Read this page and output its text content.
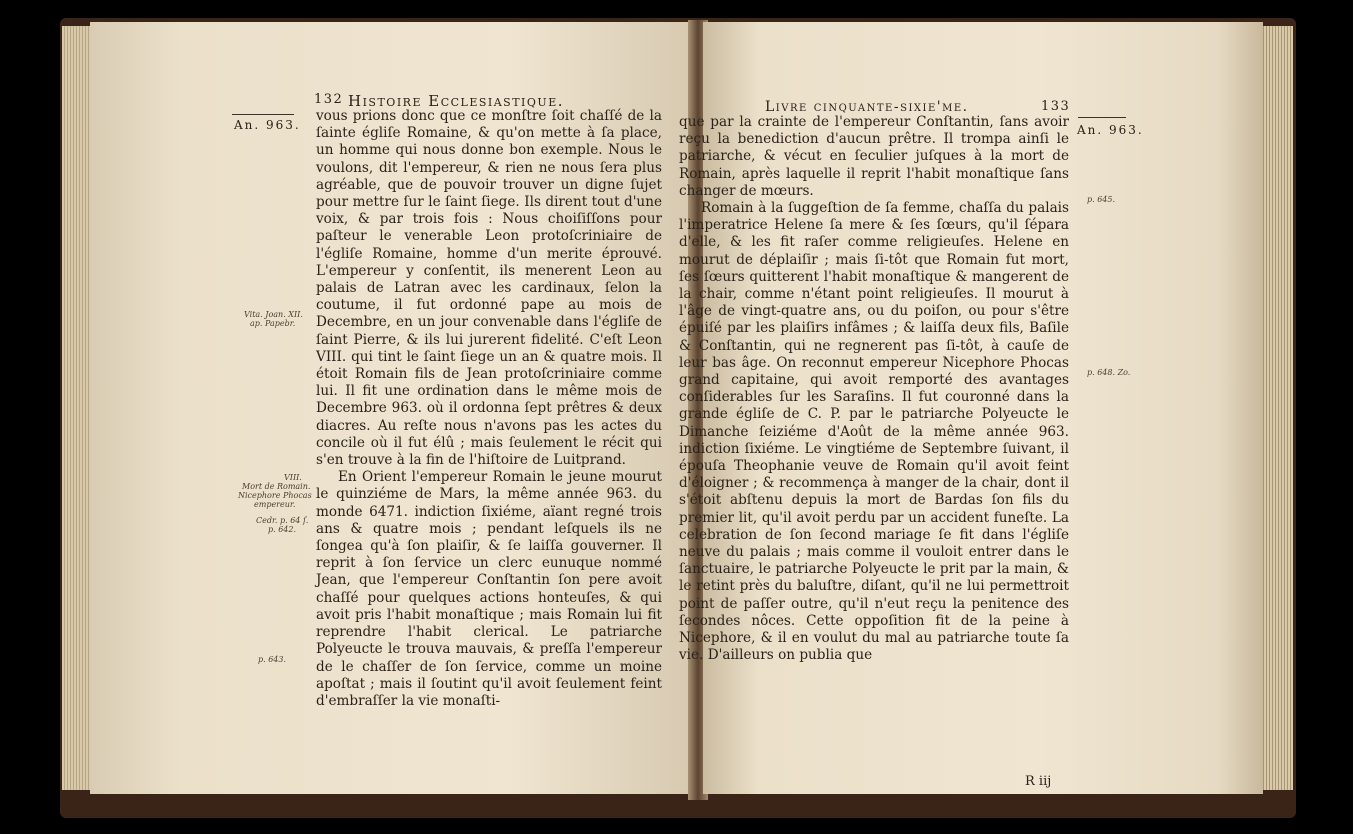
132 Histoire Ecclesiastique.
An. 963.
Vita. Joan. XII.
ap. Papebr.
VIII.
Mort de Romain.
Nicephore Phocas
empereur.
Cedr. p. 64 ſ.
p. 642.
p. 643.

vous prions donc que ce monſtre ſoit chaſſé de la ſainte égliſe Romaine, & qu'on mette à ſa place, un homme qui nous donne bon exemple. Nous le voulons, dit l'empereur, & rien ne nous ſera plus agréable, que de pouvoir trouver un digne ſujet pour mettre ſur le ſaint ſiege. Ils dirent tout d'une voix, & par trois fois : Nous choiſiſſons pour paſteur le venerable Leon protoſcriniaire de l'égliſe Romaine, homme d'un merite éprouvé. L'empereur y conſentit, ils menerent Leon au palais de Latran avec les cardinaux, ſelon la coutume, il fut ordonné pape au mois de Decembre, en un jour convenable dans l'égliſe de ſaint Pierre, & ils lui jurerent fidelité. C'eſt Leon VIII. qui tint le ſaint ſiege un an & quatre mois. Il étoit Romain fils de Jean protoſcriniaire comme lui. Il fit une ordination dans le même mois de Decembre 963. où il ordonna ſept prêtres & deux diacres. Au reſte nous n'avons pas les actes du concile où il fut élû ; mais ſeulement le récit qui s'en trouve à la fin de l'hiſtoire de Luitprand.

En Orient l'empereur Romain le jeune mourut le quinziéme de Mars, la même année 963. du monde 6471. indiction ſixiéme, aïant regné trois ans & quatre mois ; pendant leſquels ils ne ſongea qu'à ſon plaiſir, & ſe laiſſa gouverner. Il reprit à ſon ſervice un clerc eunuque nommé Jean, que l'empereur Conſtantin ſon pere avoit chaſſé pour quelques actions honteuſes, & qui avoit pris l'habit monaſtique ; mais Romain lui fit reprendre l'habit clerical. Le patriarche Polyeucte le trouva mauvais, & preſſa l'empereur de le chaſſer de ſon ſervice, comme un moine apoſtat ; mais il ſoutint qu'il avoit ſeulement feint d'embraſſer la vie monaſti-

Livre cinquante-sixie'me.	133
An. 963.
p. 645.
p. 648. Zo.

que par la crainte de l'empereur Conſtantin, ſans avoir reçu la benediction d'aucun prêtre. Il trompa ainſi le patriarche, & vécut en ſeculier juſques à la mort de Romain, après laquelle il reprit l'habit monaſtique ſans changer de mœurs.

Romain à la ſuggeſtion de ſa femme, chaſſa du palais l'imperatrice Helene ſa mere & ſes ſœurs, qu'il ſépara d'elle, & les fit raſer comme religieuſes. Helene en mourut de déplaiſir ; mais ſi-tôt que Romain fut mort, ſes ſœurs quitterent l'habit monaſtique & mangerent de la chair, comme n'étant point religieuſes. Il mourut à l'âge de vingt-quatre ans, ou du poiſon, ou pour s'être épuiſé par les plaiſirs infâmes ; & laiſſa deux fils, Baſile & Conſtantin, qui ne regnerent pas ſi-tôt, à cauſe de leur bas âge. On reconnut empereur Nicephore Phocas grand capitaine, qui avoit remporté des avantages conſiderables ſur les Saraſins. Il fut couronné dans la grande égliſe de C. P. par le patriarche Polyeucte le Dimanche ſeiziéme d'Août de la même année 963. indiction ſixiéme. Le vingtiéme de Septembre ſuivant, il épouſa Theophanie veuve de Romain qu'il avoit feint d'éloigner ; & recommença à manger de la chair, dont il s'étoit abſtenu depuis la mort de Bardas ſon fils du premier lit, qu'il avoit perdu par un accident funeſte. La celebration de ſon ſecond mariage ſe fit dans l'égliſe neuve du palais ; mais comme il vouloit entrer dans le ſanctuaire, le patriarche Polyeucte le prit par la main, & le retint près du baluſtre, diſant, qu'il ne lui permettroit point de paſſer outre, qu'il n'eut reçu la penitence des ſecondes nôces. Cette oppoſition fit de la peine à Nicephore, & il en voulut du mal au patriarche toute ſa vie. D'ailleurs on publia que

R iij
